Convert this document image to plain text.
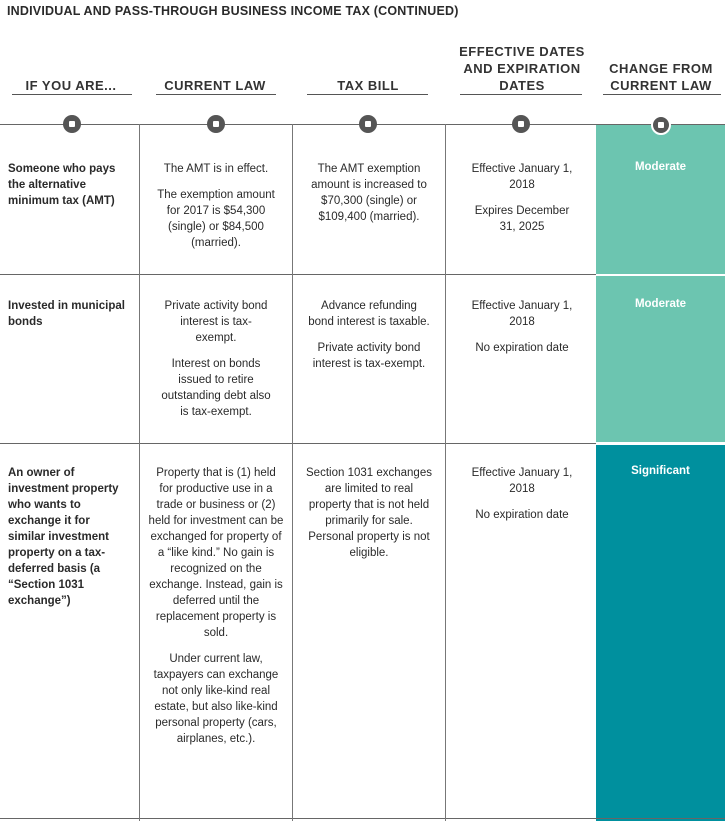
INDIVIDUAL AND PASS-THROUGH BUSINESS INCOME TAX (CONTINUED)
IF YOU ARE...	CURRENT LAW	TAX BILL
EFFECTIVE DATES AND EXPIRATION DATES
CHANGE FROM CURRENT LAW
Someone who pays the alternative minimum tax (AMT)

The AMT is in effect.

The exemption amount for 2017 is $54,300 (single) or $84,500 (married).

The AMT exemption amount is increased to $70,300 (single) or $109,400 (married).

Effective January 1, 2018

Expires December 31, 2025

Moderate
Invested in municipal bonds

Private activity bond interest is tax-exempt.

Interest on bonds issued to retire outstanding debt also is tax-exempt.

Advance refunding bond interest is taxable.

Private activity bond interest is tax-exempt.

Effective January 1, 2018

No expiration date

Moderate
An owner of investment property who wants to exchange it for similar investment property on a tax-deferred basis (a “Section 1031 exchange”)

Property that is (1) held for productive use in a trade or business or (2) held for investment can be exchanged for property of a “like kind.” No gain is recognized on the exchange. Instead, gain is deferred until the replacement property is sold.

Under current law, taxpayers can exchange not only like-kind real estate, but also like-kind personal property (cars, airplanes, etc.).

Section 1031 exchanges are limited to real property that is not held primarily for sale. Personal property is not eligible.

Effective January 1, 2018

No expiration date

Significant
